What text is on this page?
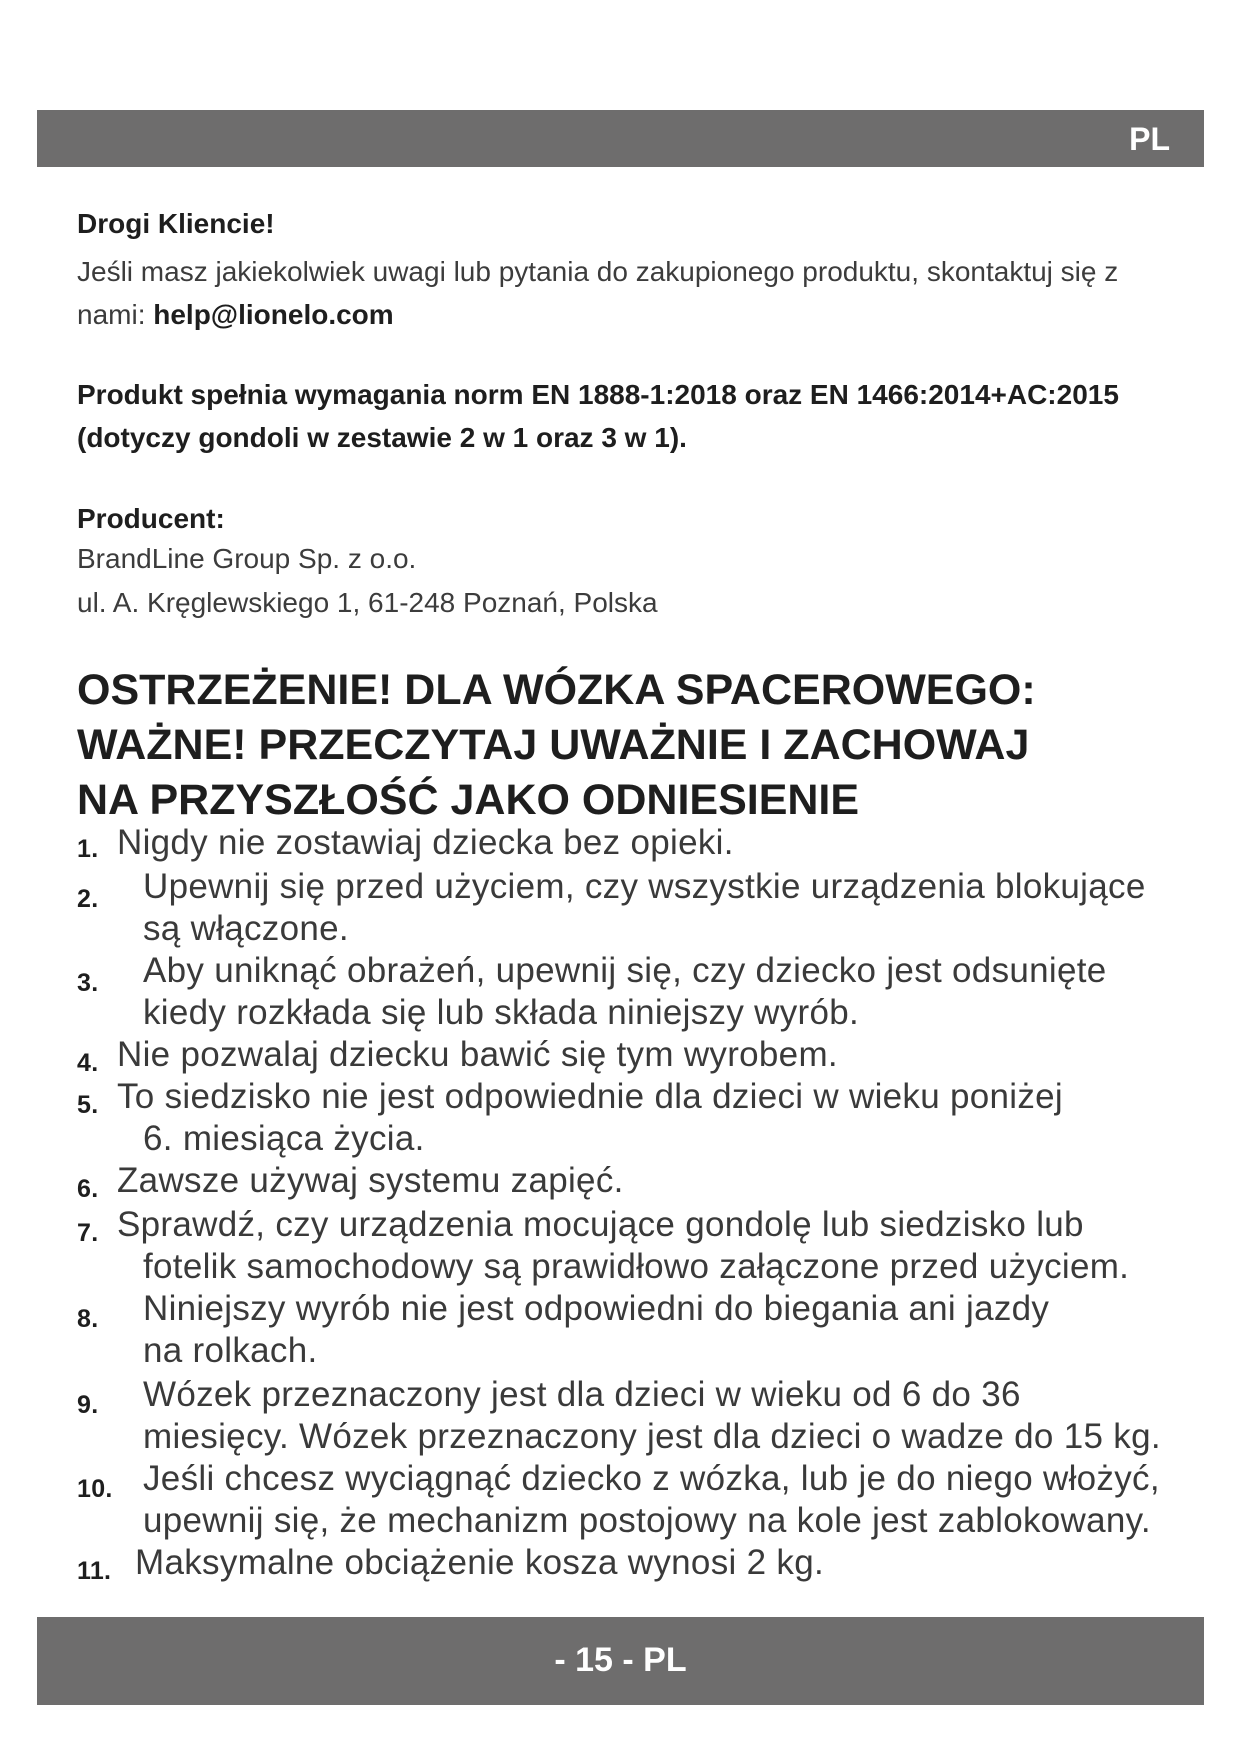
PL
Drogi Kliencie!
Jeśli masz jakiekolwiek uwagi lub pytania do zakupionego produktu, skontaktuj się z nami: help@lionelo.com
Produkt spełnia wymagania norm EN 1888-1:2018 oraz EN 1466:2014+AC:2015
(dotyczy gondoli w zestawie 2 w 1 oraz 3 w 1).
Producent:
BrandLine Group Sp. z o.o.
ul. A. Kręglewskiego 1, 61-248 Poznań, Polska
OSTRZEŻENIE! DLA WÓZKA SPACEROWEGO:
WAŻNE! PRZECZYTAJ UWAŻNIE I ZACHOWAJ
NA PRZYSZŁOŚĆ JAKO ODNIESIENIE
1. Nigdy nie zostawiaj dziecka bez opieki.
2.	Upewnij się przed użyciem, czy wszystkie urządzenia blokujące
są włączone.
3.	Aby uniknąć obrażeń, upewnij się, czy dziecko jest odsunięte
kiedy rozkłada się lub składa niniejszy wyrób.
4. Nie pozwalaj dziecku bawić się tym wyrobem.
5. To siedzisko nie jest odpowiednie dla dzieci w wieku poniżej
6. miesiąca życia.
6. Zawsze używaj systemu zapięć.
7. Sprawdź, czy urządzenia mocujące gondolę lub siedzisko lub
fotelik samochodowy są prawidłowo załączone przed użyciem.
8.	Niniejszy wyrób nie jest odpowiedni do biegania ani jazdy
na rolkach.
9.	Wózek przeznaczony jest dla dzieci w wieku od 6 do 36
miesięcy. Wózek przeznaczony jest dla dzieci o wadze do 15 kg.
10. Jeśli chcesz wyciągnąć dziecko z wózka, lub je do niego włożyć,
upewnij się, że mechanizm postojowy na kole jest zablokowany.
11. Maksymalne obciążenie kosza wynosi 2 kg.
- 15 - PL
